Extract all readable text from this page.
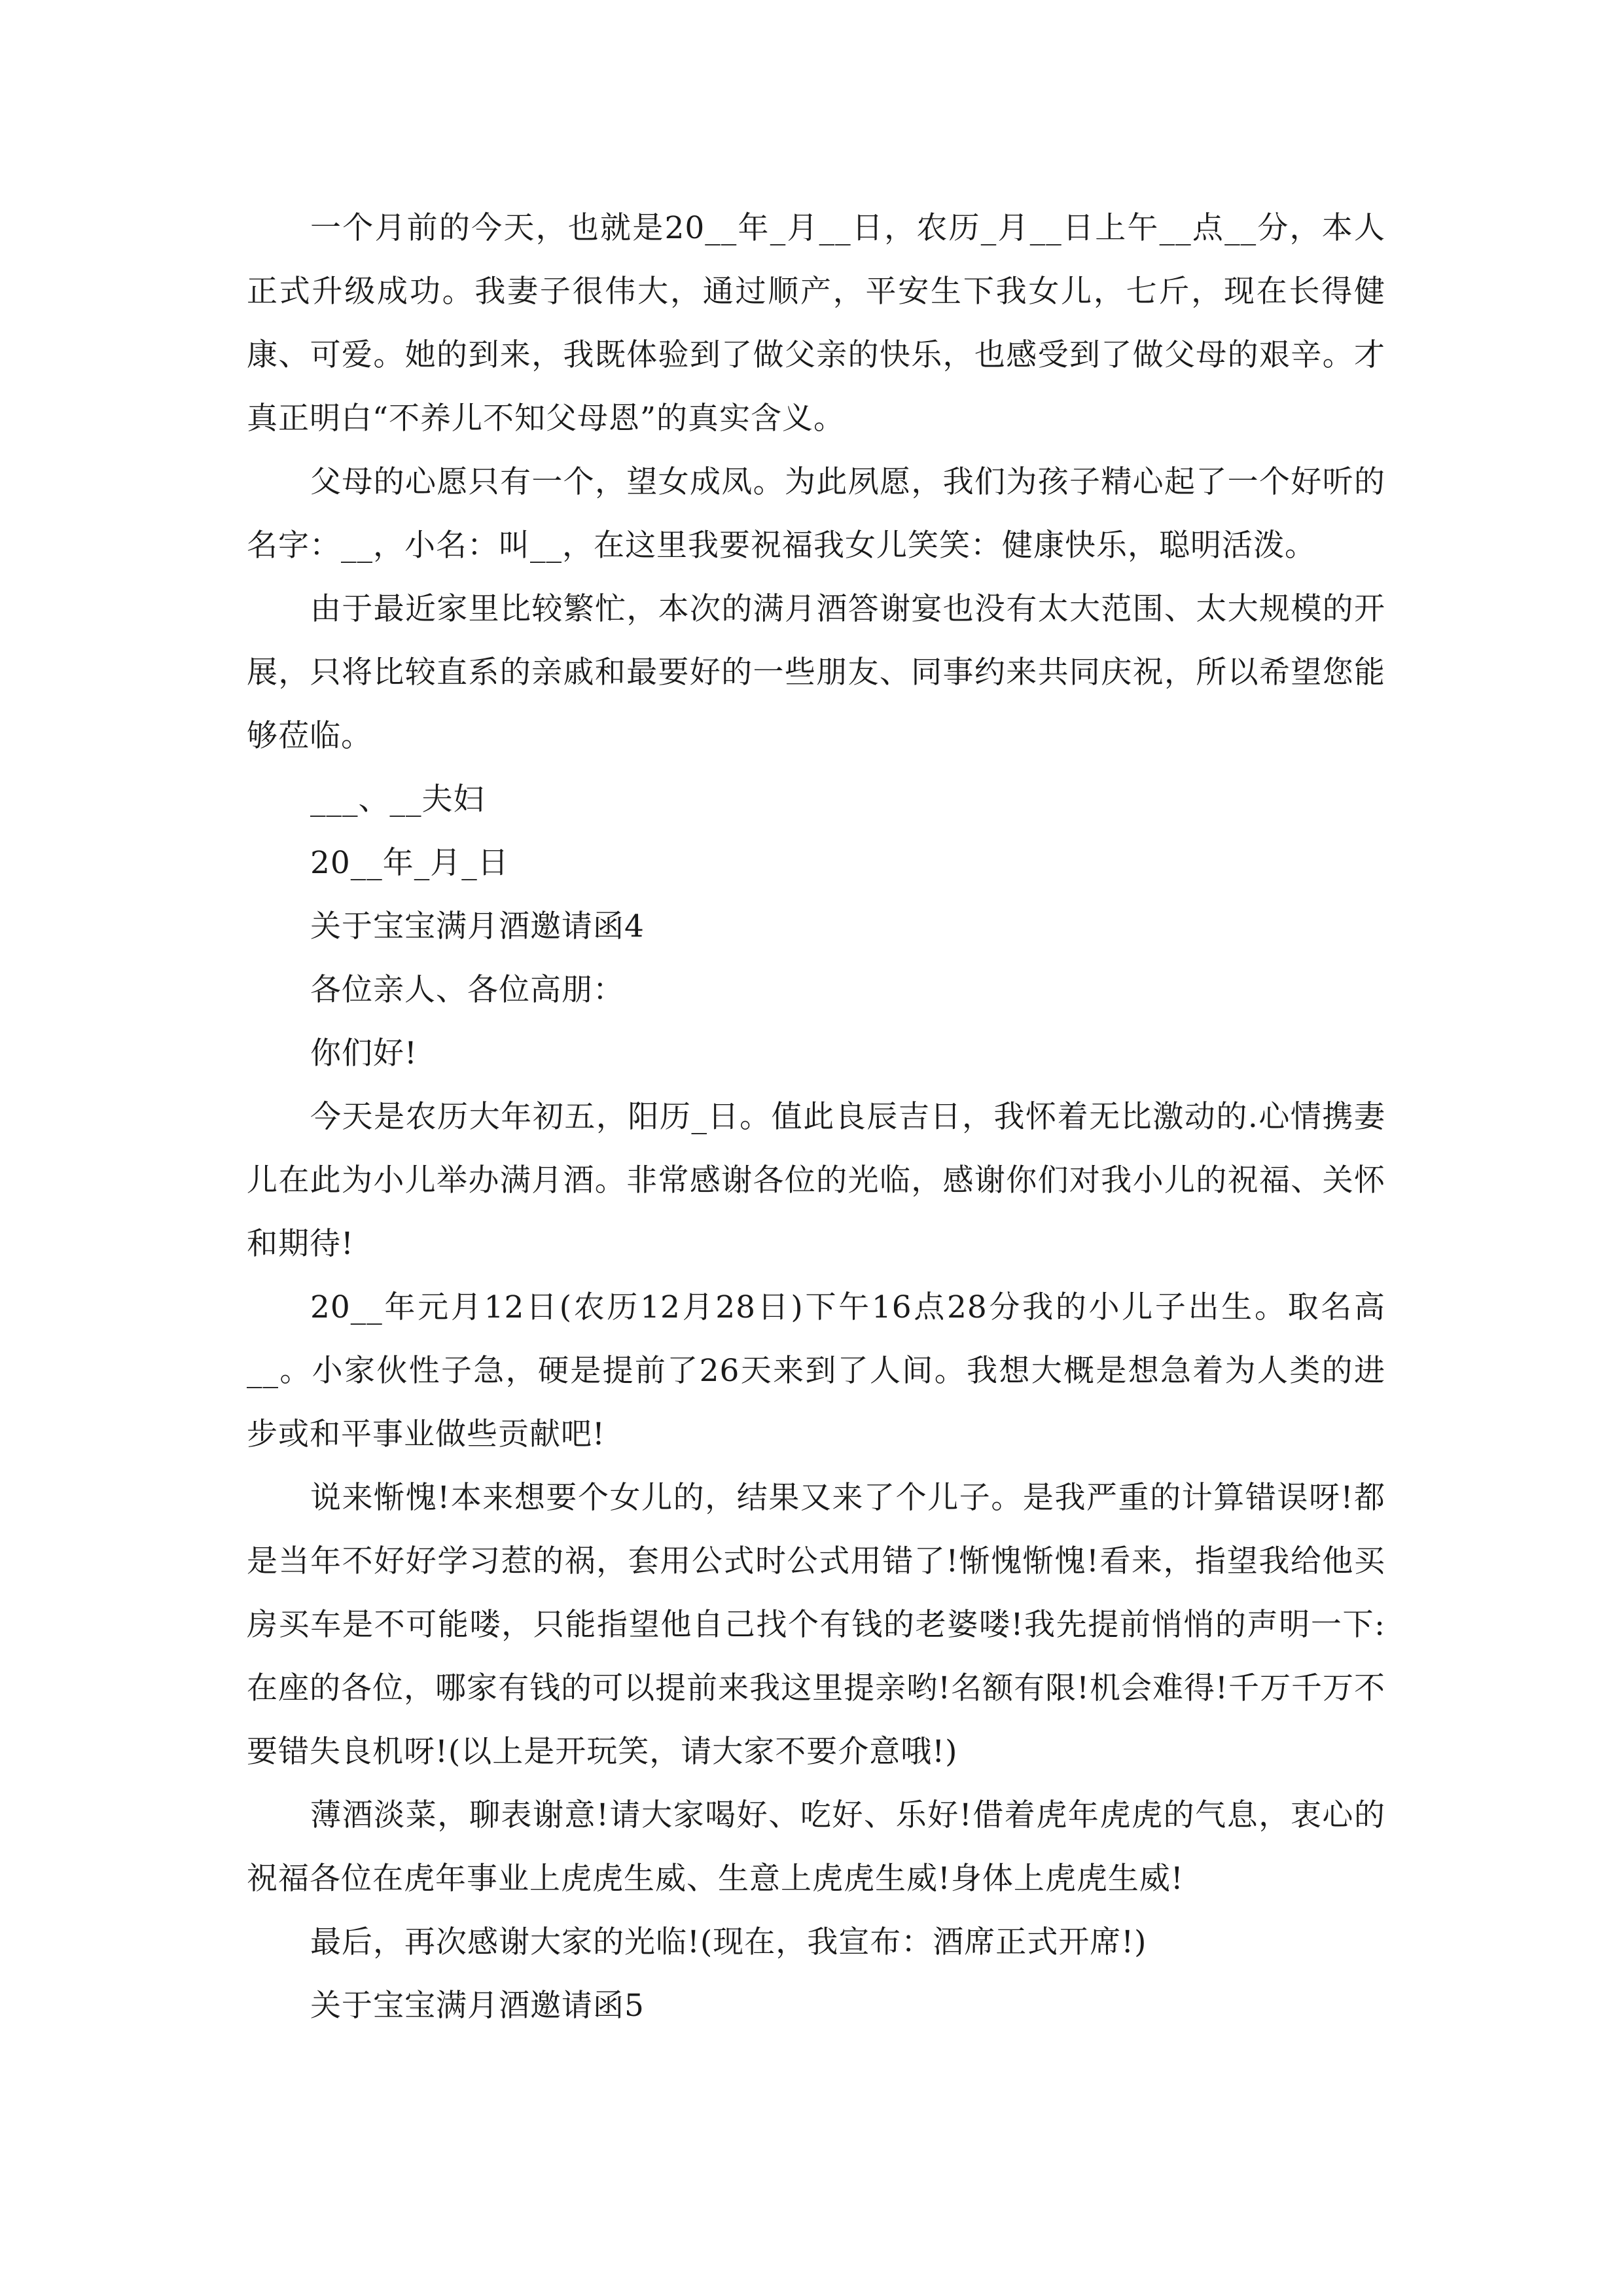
一个月前的今天，也就是20__年_月__日，农历_月__日上午__点__分，本人正式升级成功。我妻子很伟大，通过顺产，平安生下我女儿，七斤，现在长得健康、可爱。她的到来，我既体验到了做父亲的快乐，也感受到了做父母的艰辛。才真正明白“不养儿不知父母恩”的真实含义。

父母的心愿只有一个，望女成凤。为此夙愿，我们为孩子精心起了一个好听的名字：__，小名：叫__，在这里我要祝福我女儿笑笑：健康快乐，聪明活泼。

由于最近家里比较繁忙，本次的满月酒答谢宴也没有太大范围、太大规模的开展，只将比较直系的亲戚和最要好的一些朋友、同事约来共同庆祝，所以希望您能够莅临。

___、__夫妇

20__年_月_日

关于宝宝满月酒邀请函4

各位亲人、各位高朋：

你们好!

今天是农历大年初五，阳历_日。值此良辰吉日，我怀着无比激动的.心情携妻儿在此为小儿举办满月酒。非常感谢各位的光临，感谢你们对我小儿的祝福、关怀和期待!

20__年元月12日(农历12月28日)下午16点28分我的小儿子出生。取名高__。小家伙性子急，硬是提前了26天来到了人间。我想大概是想急着为人类的进步或和平事业做些贡献吧!

说来惭愧!本来想要个女儿的，结果又来了个儿子。是我严重的计算错误呀!都是当年不好好学习惹的祸，套用公式时公式用错了!惭愧惭愧!看来，指望我给他买房买车是不可能喽，只能指望他自己找个有钱的老婆喽!我先提前悄悄的声明一下:在座的各位，哪家有钱的可以提前来我这里提亲哟!名额有限!机会难得!千万千万不要错失良机呀!(以上是开玩笑，请大家不要介意哦!)

薄酒淡菜，聊表谢意!请大家喝好、吃好、乐好!借着虎年虎虎的气息，衷心的祝福各位在虎年事业上虎虎生威、生意上虎虎生威!身体上虎虎生威!

最后，再次感谢大家的光临!(现在，我宣布：酒席正式开席!)

关于宝宝满月酒邀请函5
